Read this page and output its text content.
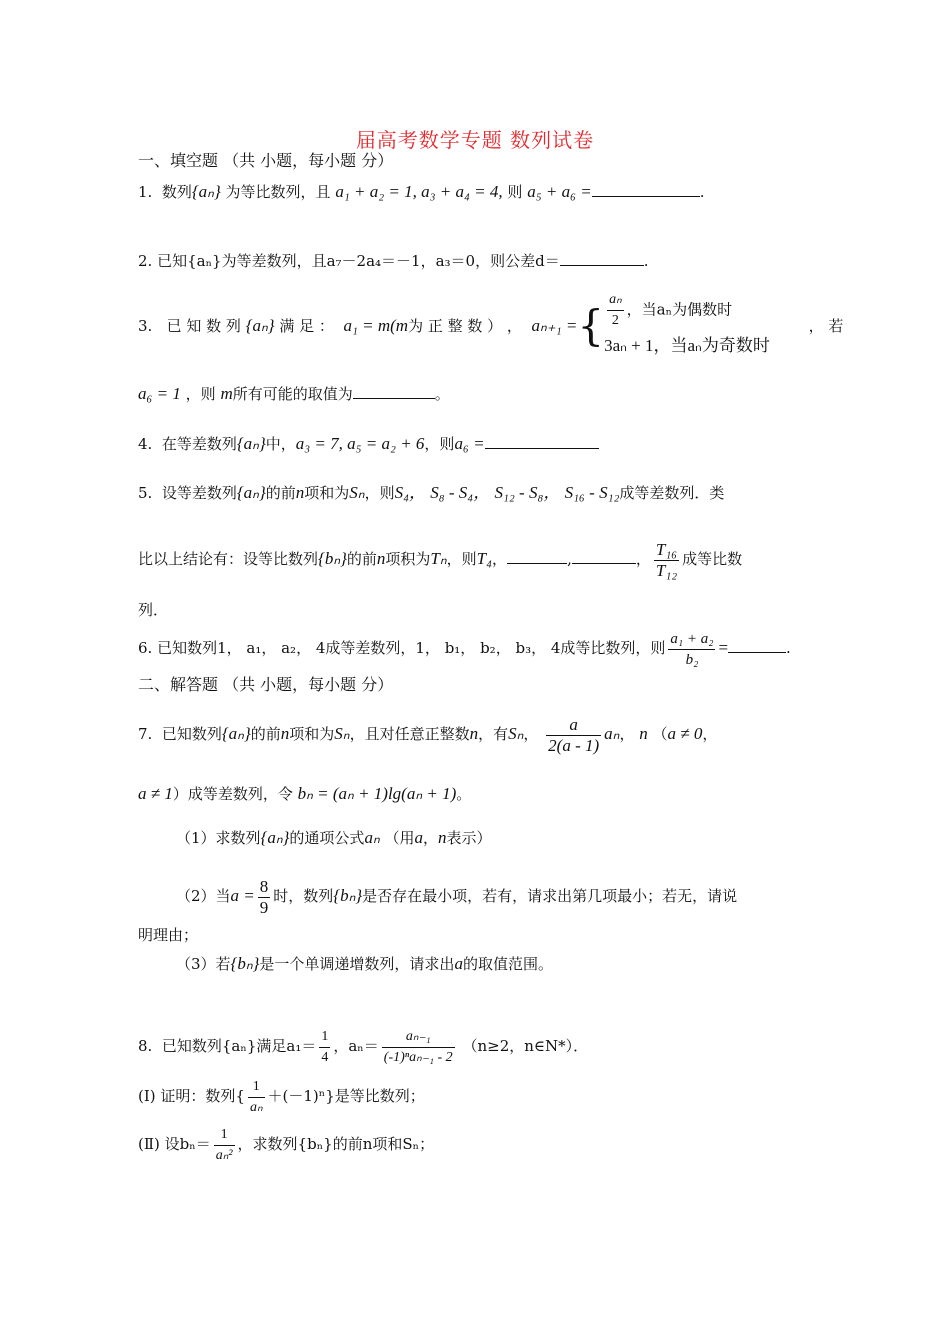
届高考数学专题 数列试卷
一、填空题 （共 小题，每小题 分）
1. 数列{aₙ} 为等比数列，且 a₁ + a₂ = 1, a₃ + a₄ = 4, 则 a₅ + a₆ =	.
2. 已知{aₙ}为等差数列，且a₇－2a₄＝－1，a₃＝0，则公差d＝	.
3. 已 知 数 列 {aₙ} 满 足 ： a₁ = m(m为 正 整 数 ） ， aₙ₊₁ ={ $\frac{\text{aₙ}}{2}$ ，当aₙ为偶数时
3aₙ + 1，当aₙ为奇数时
， 若
a₆ = 1 ，则 m所有可能的取值为	。
4. 在等差数列{aₙ}中，a₃ = 7, a₅ = a₂ + 6，则a₆ =
5. 设等差数列{aₙ}的前n项和为Sₙ，则S₄， S₈ - S₄， S₁₂ - S₈， S₁₆ - S₁₂成等差数列．类
比以上结论有：设等比数列{bₙ}的前n项积为Tₙ，则T₄，	,	， $\frac{\text{T₁₆}}{\text{T₁₂}}$ 成等比数
列．
6. 已知数列1， a₁， a₂， 4成等差数列，1， b₁， b₂， b₃， 4成等比数列，则 $\frac{\text{a₁ + a₂}}{\text{b₂}}$ =	.
二、解答题 （共 小题，每小题 分）
7. 已知数列{aₙ}的前n项和为Sₙ，且对任意正整数n，有Sₙ， $\frac{a}{2(a - 1)}$ aₙ， n （a ≠ 0，
a ≠ 1）成等差数列，令 bₙ = (aₙ + 1)lg(aₙ + 1)。
（1）求数列{aₙ}的通项公式aₙ （用a，n表示）
（2）当$a = \frac{8}{9}$ 时，数列{bₙ}是否存在最小项，若有，请求出第几项最小；若无，请说
明理由；
（3）若{bₙ}是一个单调递增数列，请求出a的取值范围。
8. 已知数列{aₙ}满足$a_1= \frac{1}{4}$ ，$a_n= \frac{\text{aₙ₋₁}}{\text{(-1)ⁿaₙ₋₁ - 2}} (n\ge 2$，n∈N*）．
(Ⅰ) 证明：数列{ $\frac{1}{\text{aₙ}} +(-1)^n$}是等比数列；
(Ⅱ) 设$b_n= \frac{1}{\text{aₙ²}}$ ，求数列{bₙ}的前n项和Sₙ；
